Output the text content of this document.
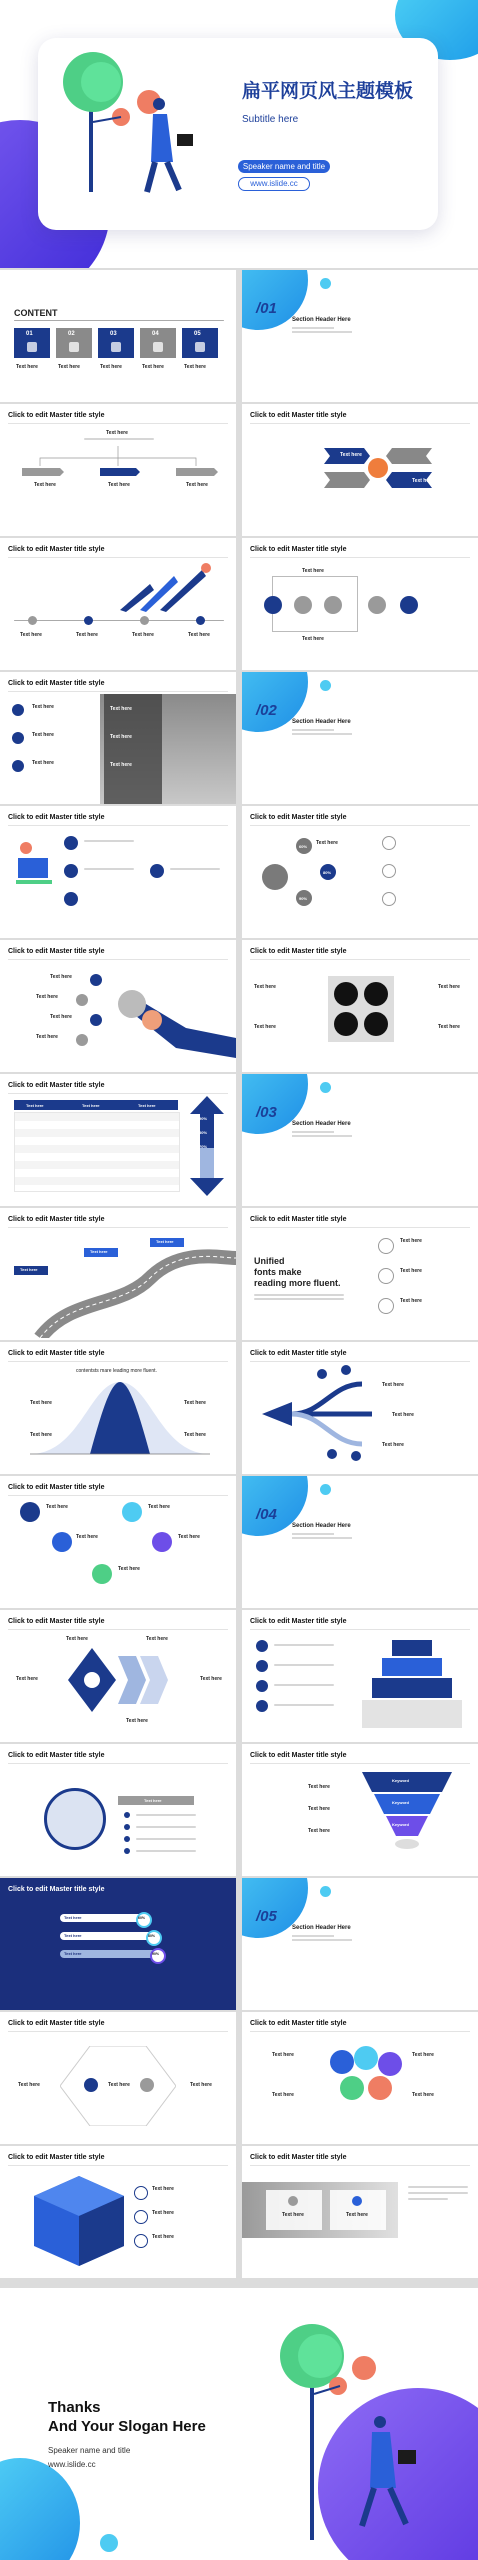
扁平网页风主题模板
Subtitle here
Speaker name and title
www.islide.cc
CONTENT
01
Text here
02
Text here
03
Text here
04
Text here
05
Text here
/01
Section Header Here
Click to edit Master title style
Text here
Text here	Text here	Text here
Click to edit Master title style
Text here
Text here
Click to edit Master title style
Text here	Text here	Text here	Text here
Click to edit Master title style
Text here
Text here
Click to edit Master title style
Text here
Text here
Text here
Text here
Text here
Text here
/02
Section Header Here
Click to edit Master title style	Click to edit Master title style
60%
80%
90%
Text here
Click to edit Master title style
Text here
Text here
Text here
Text here
Click to edit Master title style
Text here
Text here
Text here
Text here
Click to edit Master title style
Text here	Text here	Text here
90%
80%
70%
/03
Section Header Here
Click to edit Master title style
Text here
Text here
Text here
Click to edit Master title style
Unified
fonts make
reading more fluent.
Text here
Text here
Text here
Click to edit Master title style
contentsts mare leading more fluent.
Text here	Text here
Text here	Text here
Click to edit Master title style
Text here
Text here
Text here
Click to edit Master title style
Text here	Text here
Text here	Text here
Text here
/04
Section Header Here
Click to edit Master title style
Text here	Text here
Text here	Text here
Text here
Click to edit Master title style
Click to edit Master title style
Text here
Click to edit Master title style
Keyword
Keyword
Keyword
Text here
Text here
Text here
Click to edit Master title style
60%
80%
90%
Text here
Text here
Text here
/05
Section Header Here
Click to edit Master title style
Text here
Text here	Text here
Click to edit Master title style
Text here	Text here
Text here	Text here
Click to edit Master title style
Text here
Text here
Text here
Click to edit Master title style
Text here	Text here
Thanks
And Your Slogan Here
Speaker name and title
www.islide.cc
